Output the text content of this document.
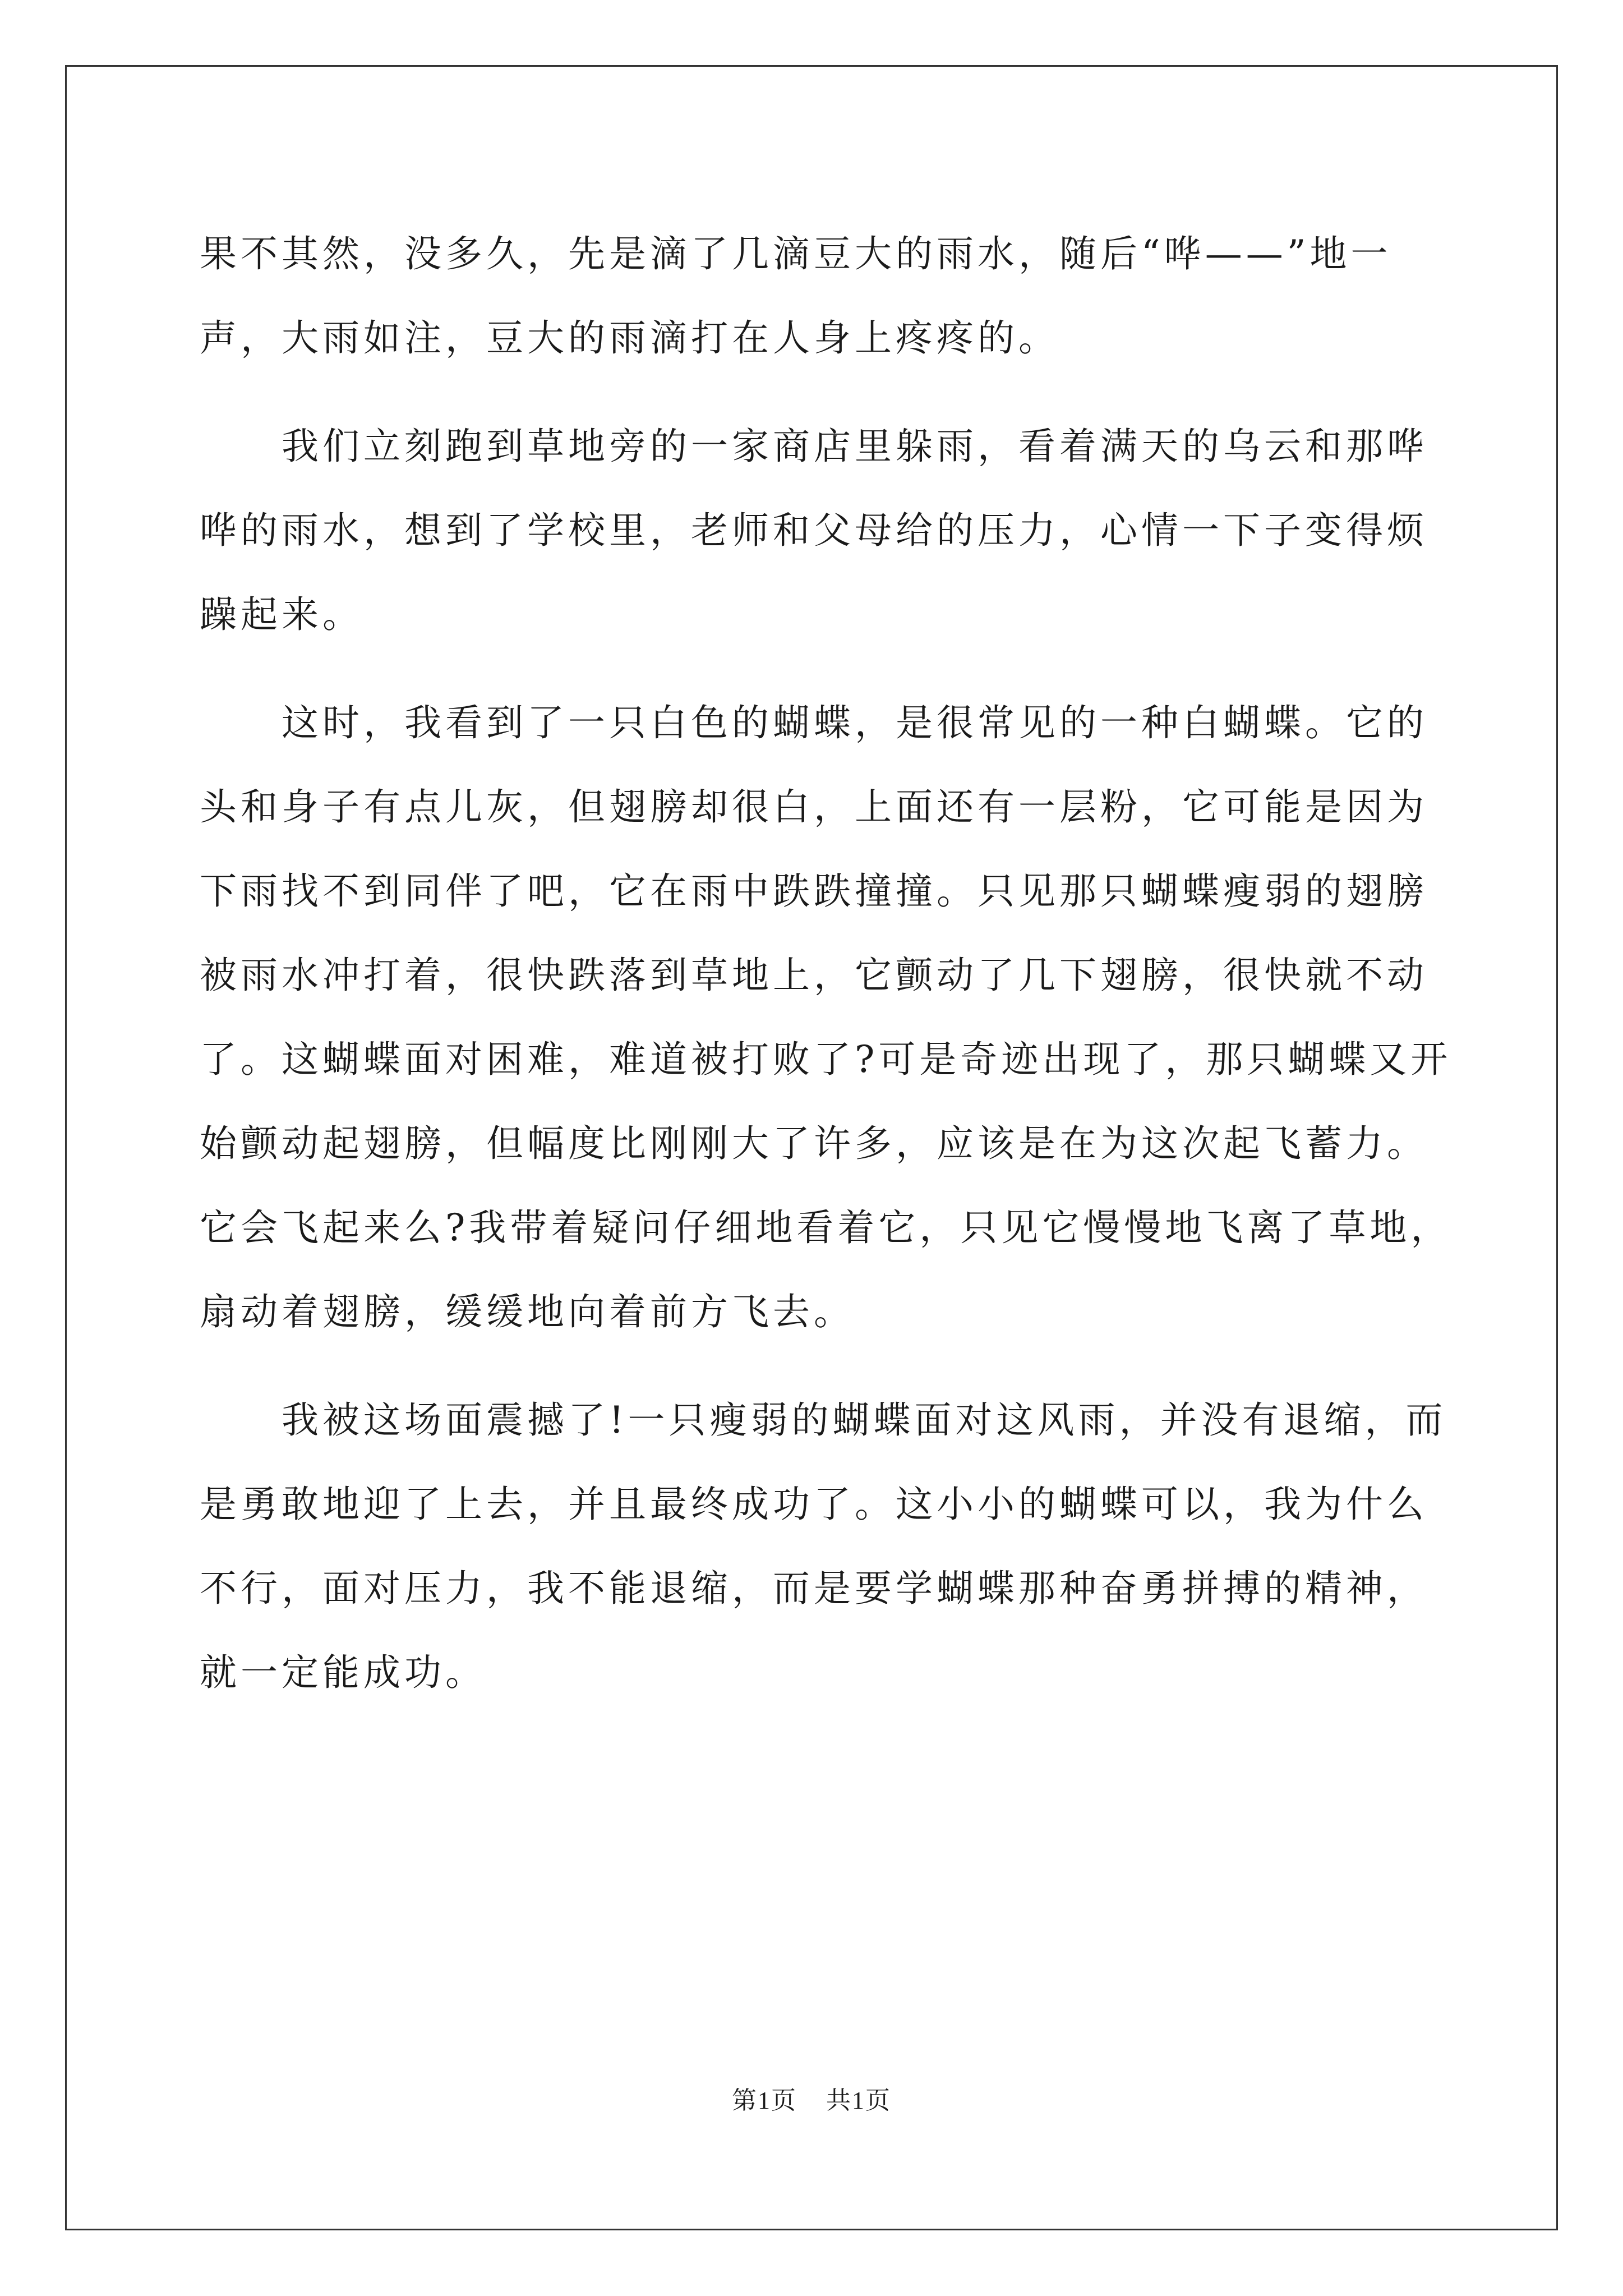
果不其然，没多久，先是滴了几滴豆大的雨水，随后“哗——”地一
声，大雨如注，豆大的雨滴打在人身上疼疼的。

我们立刻跑到草地旁的一家商店里躲雨，看着满天的乌云和那哗
哗的雨水，想到了学校里，老师和父母给的压力，心情一下子变得烦
躁起来。

这时，我看到了一只白色的蝴蝶，是很常见的一种白蝴蝶。它的
头和身子有点儿灰，但翅膀却很白，上面还有一层粉，它可能是因为
下雨找不到同伴了吧，它在雨中跌跌撞撞。只见那只蝴蝶瘦弱的翅膀
被雨水冲打着，很快跌落到草地上，它颤动了几下翅膀，很快就不动
了。这蝴蝶面对困难，难道被打败了?可是奇迹出现了，那只蝴蝶又开
始颤动起翅膀，但幅度比刚刚大了许多，应该是在为这次起飞蓄力。
它会飞起来么?我带着疑问仔细地看着它，只见它慢慢地飞离了草地，
扇动着翅膀，缓缓地向着前方飞去。

我被这场面震撼了!一只瘦弱的蝴蝶面对这风雨，并没有退缩，而
是勇敢地迎了上去，并且最终成功了。这小小的蝴蝶可以，我为什么
不行，面对压力，我不能退缩，而是要学蝴蝶那种奋勇拼搏的精神，
就一定能成功。

第1页 共1页
